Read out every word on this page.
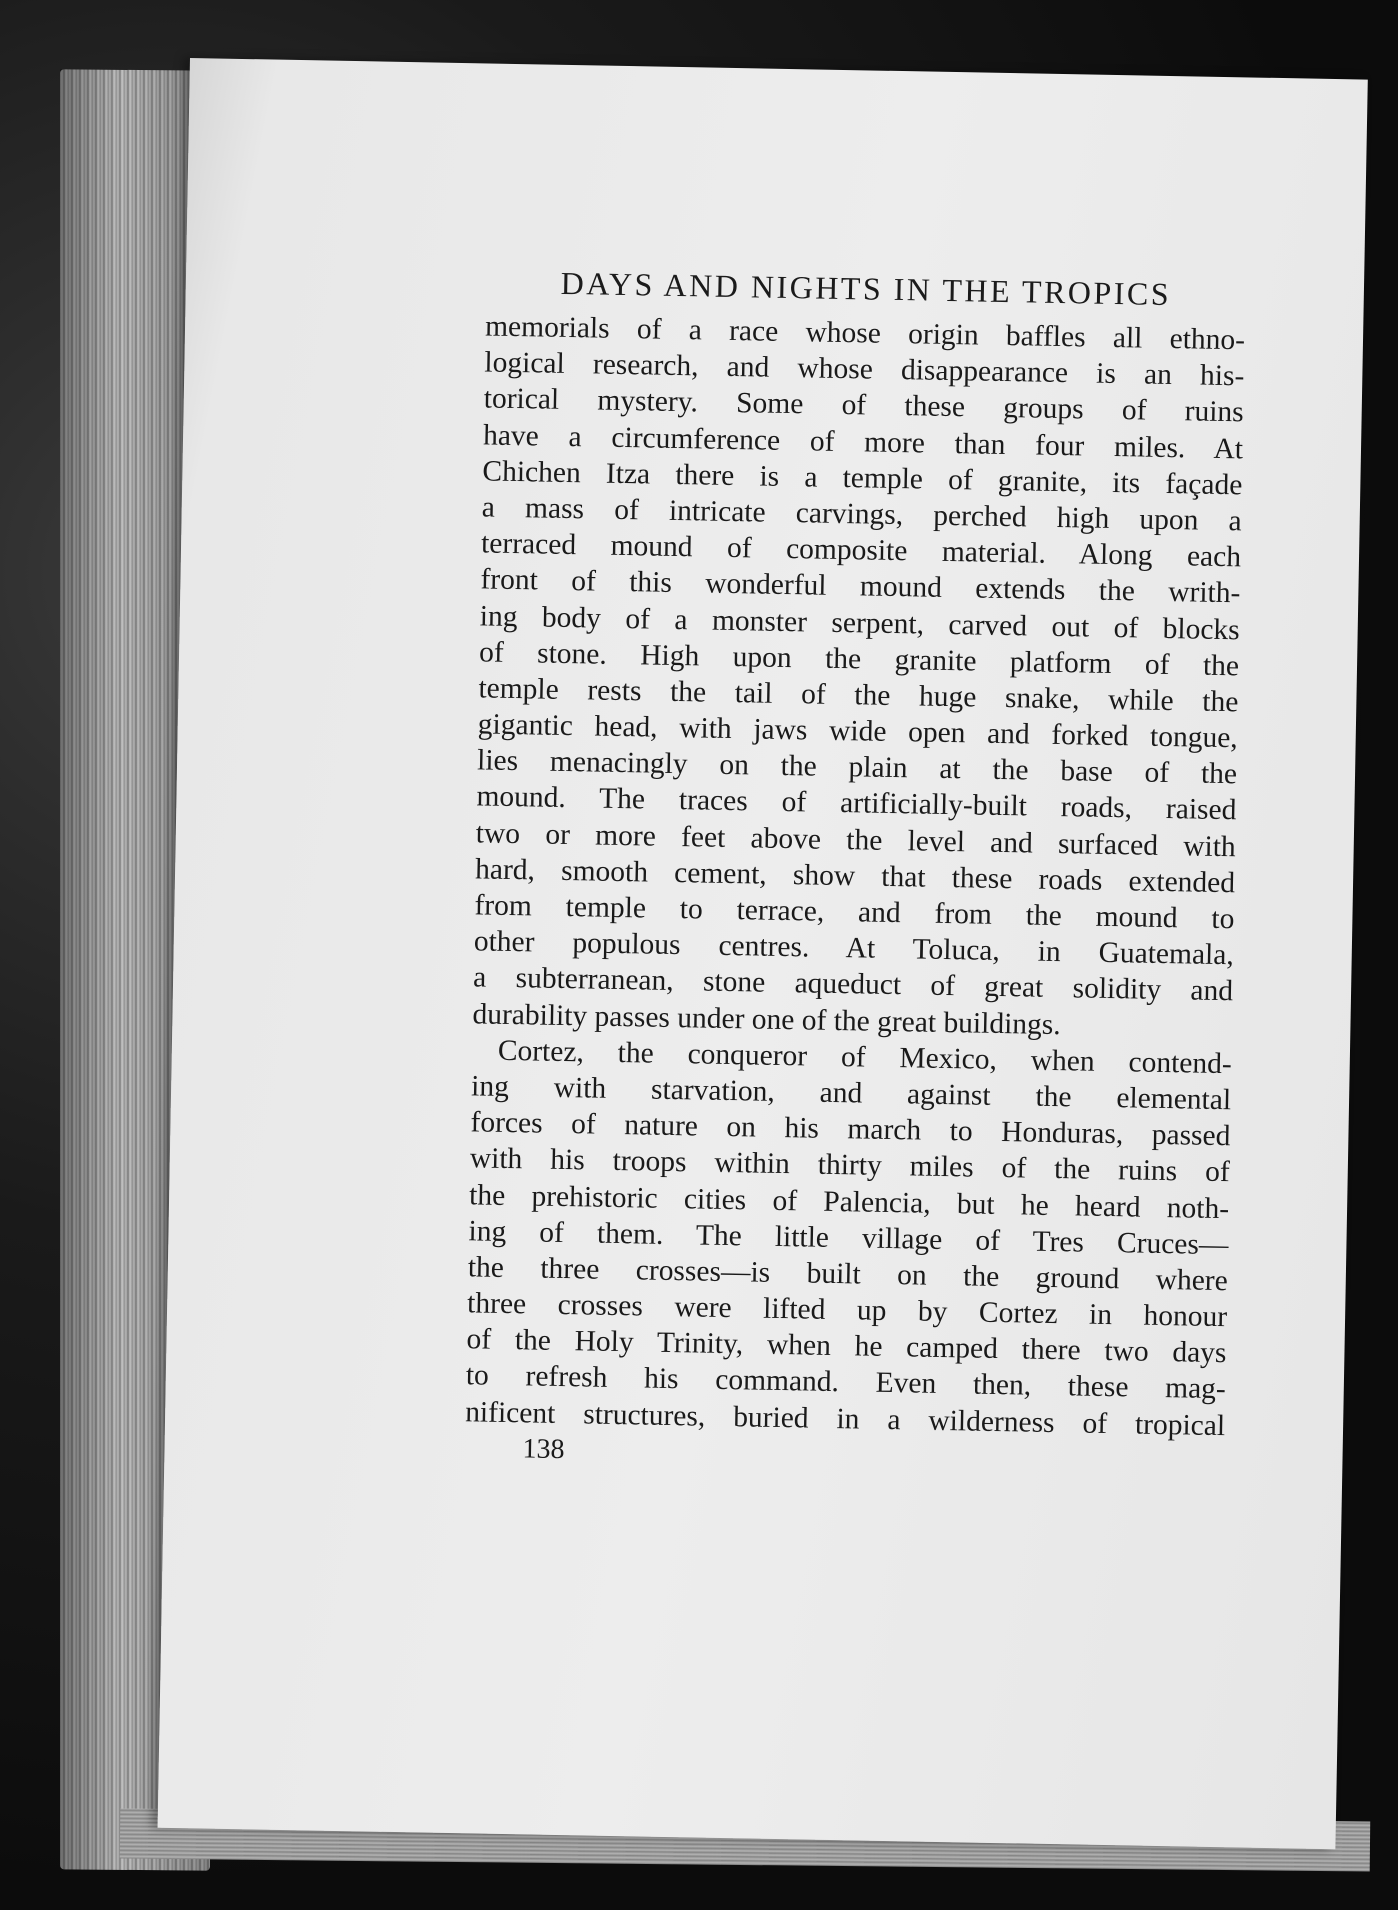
DAYS AND NIGHTS IN THE TROPICS
memorials of a race whose origin baffles all ethno-
logical research, and whose disappearance is an his-
torical mystery. Some of these groups of ruins
have a circumference of more than four miles. At
Chichen Itza there is a temple of granite, its façade
a mass of intricate carvings, perched high upon a
terraced mound of composite material. Along each
front of this wonderful mound extends the writh-
ing body of a monster serpent, carved out of blocks
of stone. High upon the granite platform of the
temple rests the tail of the huge snake, while the
gigantic head, with jaws wide open and forked tongue,
lies menacingly on the plain at the base of the
mound. The traces of artificially-built roads, raised
two or more feet above the level and surfaced with
hard, smooth cement, show that these roads extended
from temple to terrace, and from the mound to
other populous centres. At Toluca, in Guatemala,
a subterranean, stone aqueduct of great solidity and
durability passes under one of the great buildings.
Cortez, the conqueror of Mexico, when contend-
ing with starvation, and against the elemental
forces of nature on his march to Honduras, passed
with his troops within thirty miles of the ruins of
the prehistoric cities of Palencia, but he heard noth-
ing of them. The little village of Tres Cruces—
the three crosses—is built on the ground where
three crosses were lifted up by Cortez in honour
of the Holy Trinity, when he camped there two days
to refresh his command. Even then, these mag-
nificent structures, buried in a wilderness of tropical
138
